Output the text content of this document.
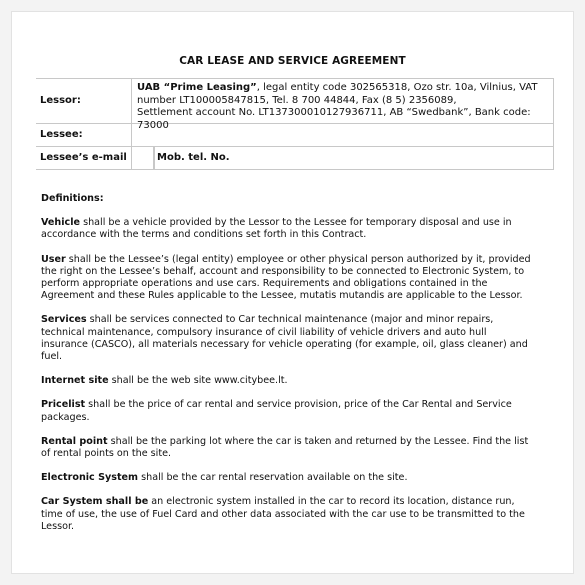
CAR LEASE AND SERVICE AGREEMENT
Lessor:
UAB “Prime Leasing”, legal entity code 302565318, Ozo str. 10a, Vilnius, VAT
number LT100005847815, Tel. 8 700 44844, Fax (8 5) 2356089,
Settlement account No. LT137300010127936711, AB “Swedbank”, Bank code: 73000
Lessee:
Lessee’s e-mail	Mob. tel. No.

Definitions:

Vehicle shall be a vehicle provided by the Lessor to the Lessee for temporary disposal and use in accordance with the terms and conditions set forth in this Contract.

User shall be the Lessee’s (legal entity) employee or other physical person authorized by it, provided the right on the Lessee’s behalf, account and responsibility to be connected to Electronic System, to perform appropriate operations and use cars. Requirements and obligations contained in the Agreement and these Rules applicable to the Lessee, mutatis mutandis are applicable to the Lessor.

Services shall be services connected to Car technical maintenance (major and minor repairs, technical maintenance, compulsory insurance of civil liability of vehicle drivers and auto hull insurance (CASCO), all materials necessary for vehicle operating (for example, oil, glass cleaner) and fuel.

Internet site shall be the web site www.citybee.lt.

Pricelist shall be the price of car rental and service provision, price of the Car Rental and Service packages.

Rental point shall be the parking lot where the car is taken and returned by the Lessee. Find the list of rental points on the site.

Electronic System shall be the car rental reservation available on the site.

Car System shall be an electronic system installed in the car to record its location, distance run, time of use, the use of Fuel Card and other data associated with the car use to be transmitted to the Lessor.
